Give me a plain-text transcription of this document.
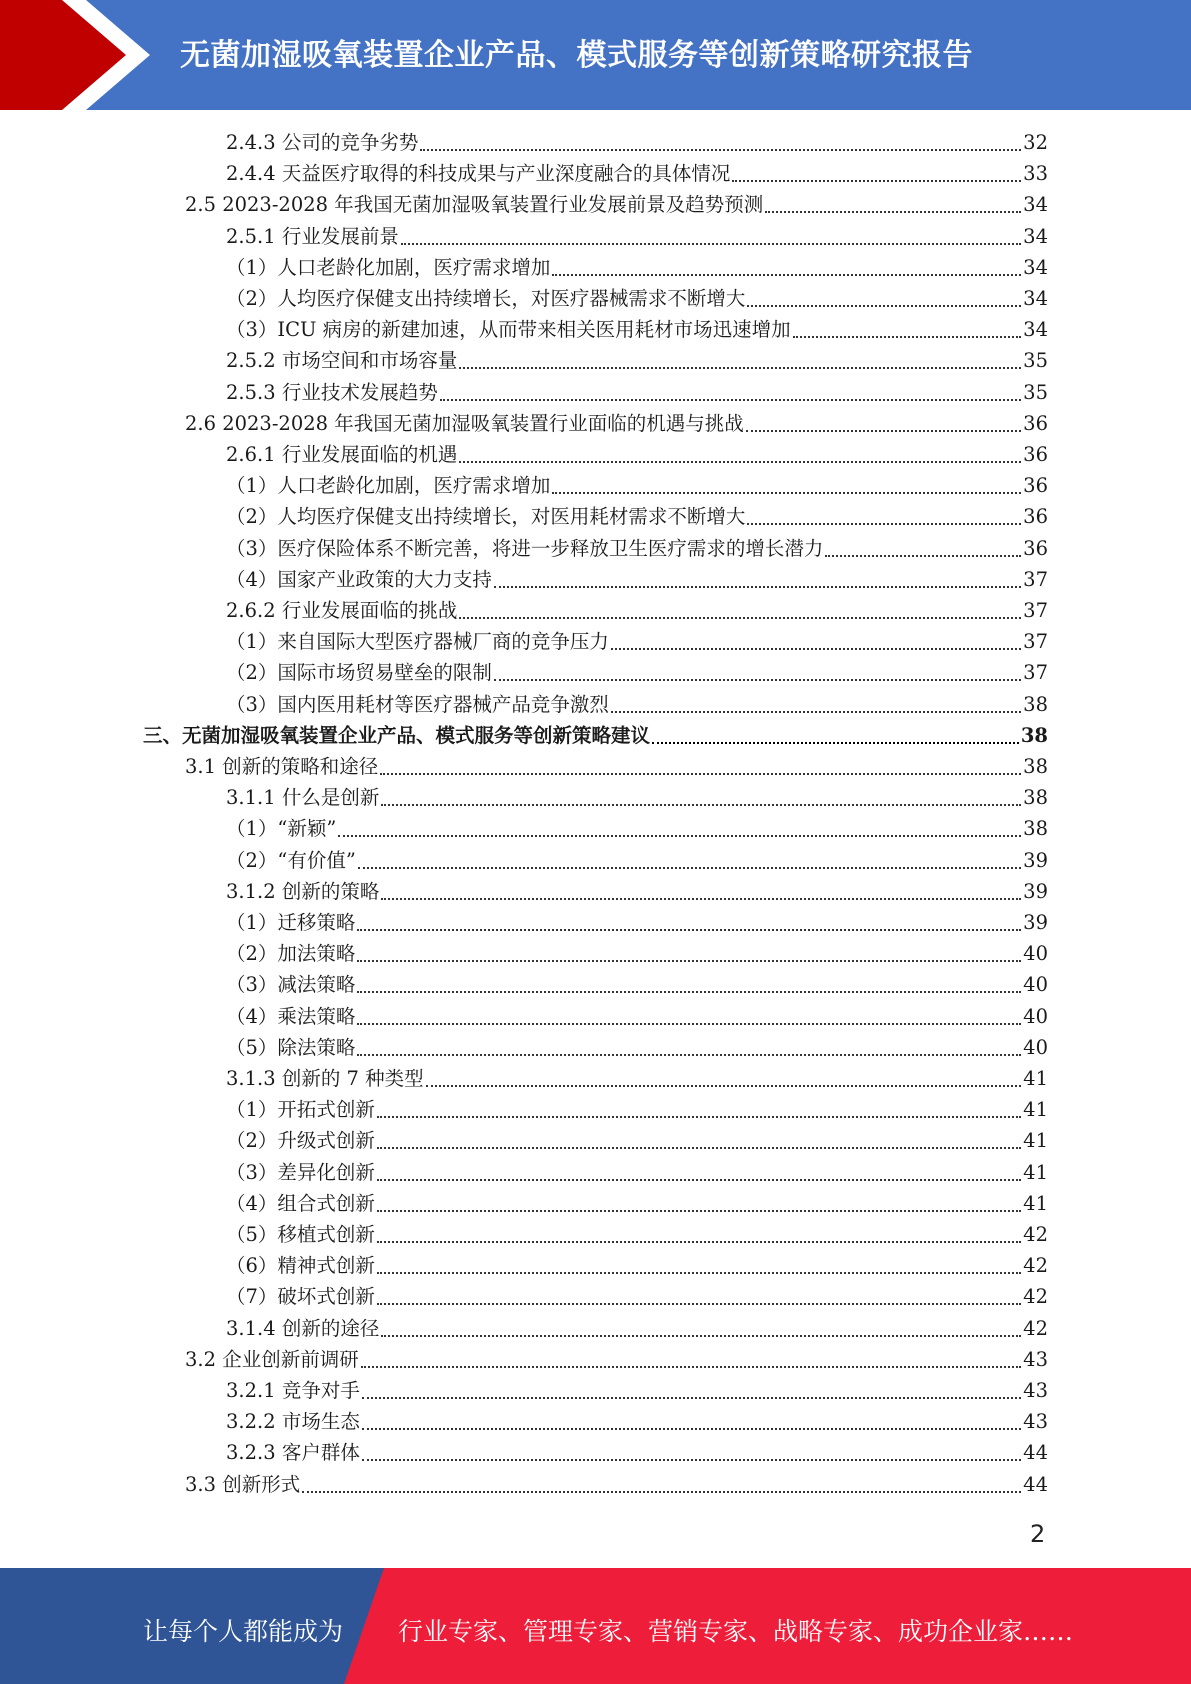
无菌加湿吸氧装置企业产品、模式服务等创新策略研究报告
2.4.3 公司的竞争劣势	32
2.4.4 天益医疗取得的科技成果与产业深度融合的具体情况	33
2.5 2023-2028 年我国无菌加湿吸氧装置行业发展前景及趋势预测	34
2.5.1 行业发展前景	34
（1）人口老龄化加剧，医疗需求增加	34
（2）人均医疗保健支出持续增长，对医疗器械需求不断增大	34
（3）ICU 病房的新建加速，从而带来相关医用耗材市场迅速增加	34
2.5.2 市场空间和市场容量	35
2.5.3 行业技术发展趋势	35
2.6 2023-2028 年我国无菌加湿吸氧装置行业面临的机遇与挑战	36
2.6.1 行业发展面临的机遇	36
（1）人口老龄化加剧，医疗需求增加	36
（2）人均医疗保健支出持续增长，对医用耗材需求不断增大	36
（3）医疗保险体系不断完善，将进一步释放卫生医疗需求的增长潜力	36
（4）国家产业政策的大力支持	37
2.6.2 行业发展面临的挑战	37
（1）来自国际大型医疗器械厂商的竞争压力	37
（2）国际市场贸易壁垒的限制	37
（3）国内医用耗材等医疗器械产品竞争激烈	38
三、无菌加湿吸氧装置企业产品、模式服务等创新策略建议	38
3.1 创新的策略和途径	38
3.1.1 什么是创新	38
（1）“新颖”	38
（2）“有价值”	39
3.1.2 创新的策略	39
（1）迁移策略	39
（2）加法策略	40
（3）减法策略	40
（4）乘法策略	40
（5）除法策略	40
3.1.3 创新的 7 种类型	41
（1）开拓式创新	41
（2）升级式创新	41
（3）差异化创新	41
（4）组合式创新	41
（5）移植式创新	42
（6）精神式创新	42
（7）破坏式创新	42
3.1.4 创新的途径	42
3.2 企业创新前调研	43
3.2.1 竞争对手	43
3.2.2 市场生态	43
3.2.3 客户群体	44
3.3 创新形式	44
2
让每个人都能成为 行业专家、管理专家、营销专家、战略专家、成功企业家……
